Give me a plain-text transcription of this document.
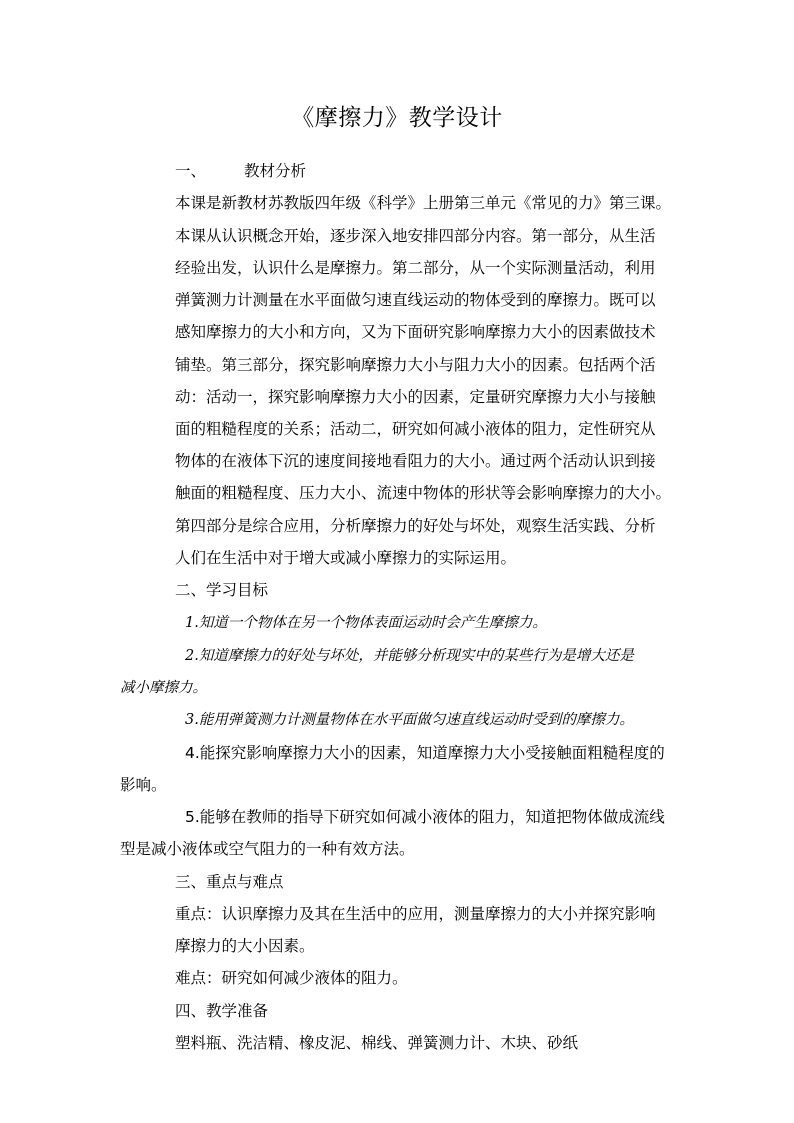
《摩擦力》教学设计
一、 教材分析
本课是新教材苏教版四年级《科学》上册第三单元《常见的力》第三课。
本课从认识概念开始，逐步深入地安排四部分内容。第一部分，从生活
经验出发，认识什么是摩擦力。第二部分，从一个实际测量活动，利用
弹簧测力计测量在水平面做匀速直线运动的物体受到的摩擦力。既可以
感知摩擦力的大小和方向，又为下面研究影响摩擦力大小的因素做技术
铺垫。第三部分，探究影响摩擦力大小与阻力大小的因素。包括两个活
动：活动一，探究影响摩擦力大小的因素，定量研究摩擦力大小与接触
面的粗糙程度的关系；活动二，研究如何减小液体的阻力，定性研究从
物体的在液体下沉的速度间接地看阻力的大小。通过两个活动认识到接
触面的粗糙程度、压力大小、流速中物体的形状等会影响摩擦力的大小。
第四部分是综合应用，分析摩擦力的好处与坏处，观察生活实践、分析
人们在生活中对于增大或减小摩擦力的实际运用。
二、学习目标
1.知道一个物体在另一个物体表面运动时会产生摩擦力。
2.知道摩擦力的好处与坏处，并能够分析现实中的某些行为是增大还是
减小摩擦力。
3.能用弹簧测力计测量物体在水平面做匀速直线运动时受到的摩擦力。
4.能探究影响摩擦力大小的因素，知道摩擦力大小受接触面粗糙程度的
影响。
5.能够在教师的指导下研究如何减小液体的阻力，知道把物体做成流线
型是减小液体或空气阻力的一种有效方法。
三、重点与难点
重点：认识摩擦力及其在生活中的应用，测量摩擦力的大小并探究影响
摩擦力的大小因素。
难点：研究如何减少液体的阻力。
四、教学准备
塑料瓶、洗洁精、橡皮泥、棉线、弹簧测力计、木块、砂纸
